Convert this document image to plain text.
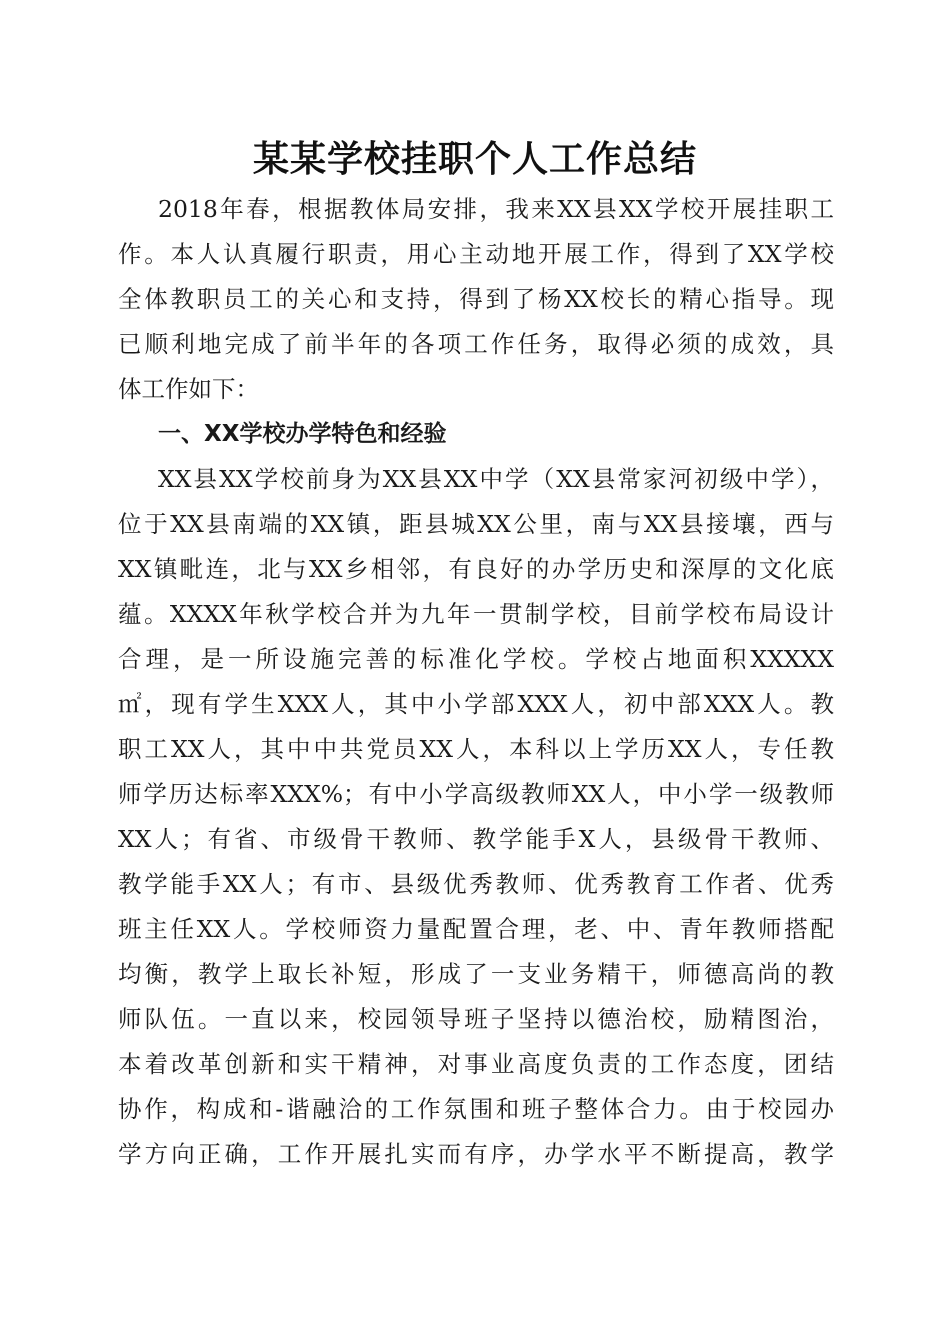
某某学校挂职个人工作总结
2018年春，根据教体局安排，我来XX县XX学校开展挂职工
作。本人认真履行职责，用心主动地开展工作，得到了XX学校
全体教职员工的关心和支持，得到了杨XX校长的精心指导。现
已顺利地完成了前半年的各项工作任务，取得必须的成效，具
体工作如下：
一、XX学校办学特色和经验
XX县XX学校前身为XX县XX中学（XX县常家河初级中学），
位于XX县南端的XX镇，距县城XX公里，南与XX县接壤，西与
XX镇毗连，北与XX乡相邻，有良好的办学历史和深厚的文化底
蕴。XXXX年秋学校合并为九年一贯制学校，目前学校布局设计
合理，是一所设施完善的标准化学校。学校占地面积XXXXX
㎡，现有学生XXX人，其中小学部XXX人，初中部XXX人。教
职工XX人，其中中共党员XX人，本科以上学历XX人，专任教
师学历达标率XXX%；有中小学高级教师XX人，中小学一级教师
XX人；有省、市级骨干教师、教学能手X人，县级骨干教师、
教学能手XX人；有市、县级优秀教师、优秀教育工作者、优秀
班主任XX人。学校师资力量配置合理，老、中、青年教师搭配
均衡，教学上取长补短，形成了一支业务精干，师德高尚的教
师队伍。一直以来，校园领导班子坚持以德治校，励精图治，
本着改革创新和实干精神，对事业高度负责的工作态度，团结
协作，构成和-谐融洽的工作氛围和班子整体合力。由于校园办
学方向正确，工作开展扎实而有序，办学水平不断提高，教学
